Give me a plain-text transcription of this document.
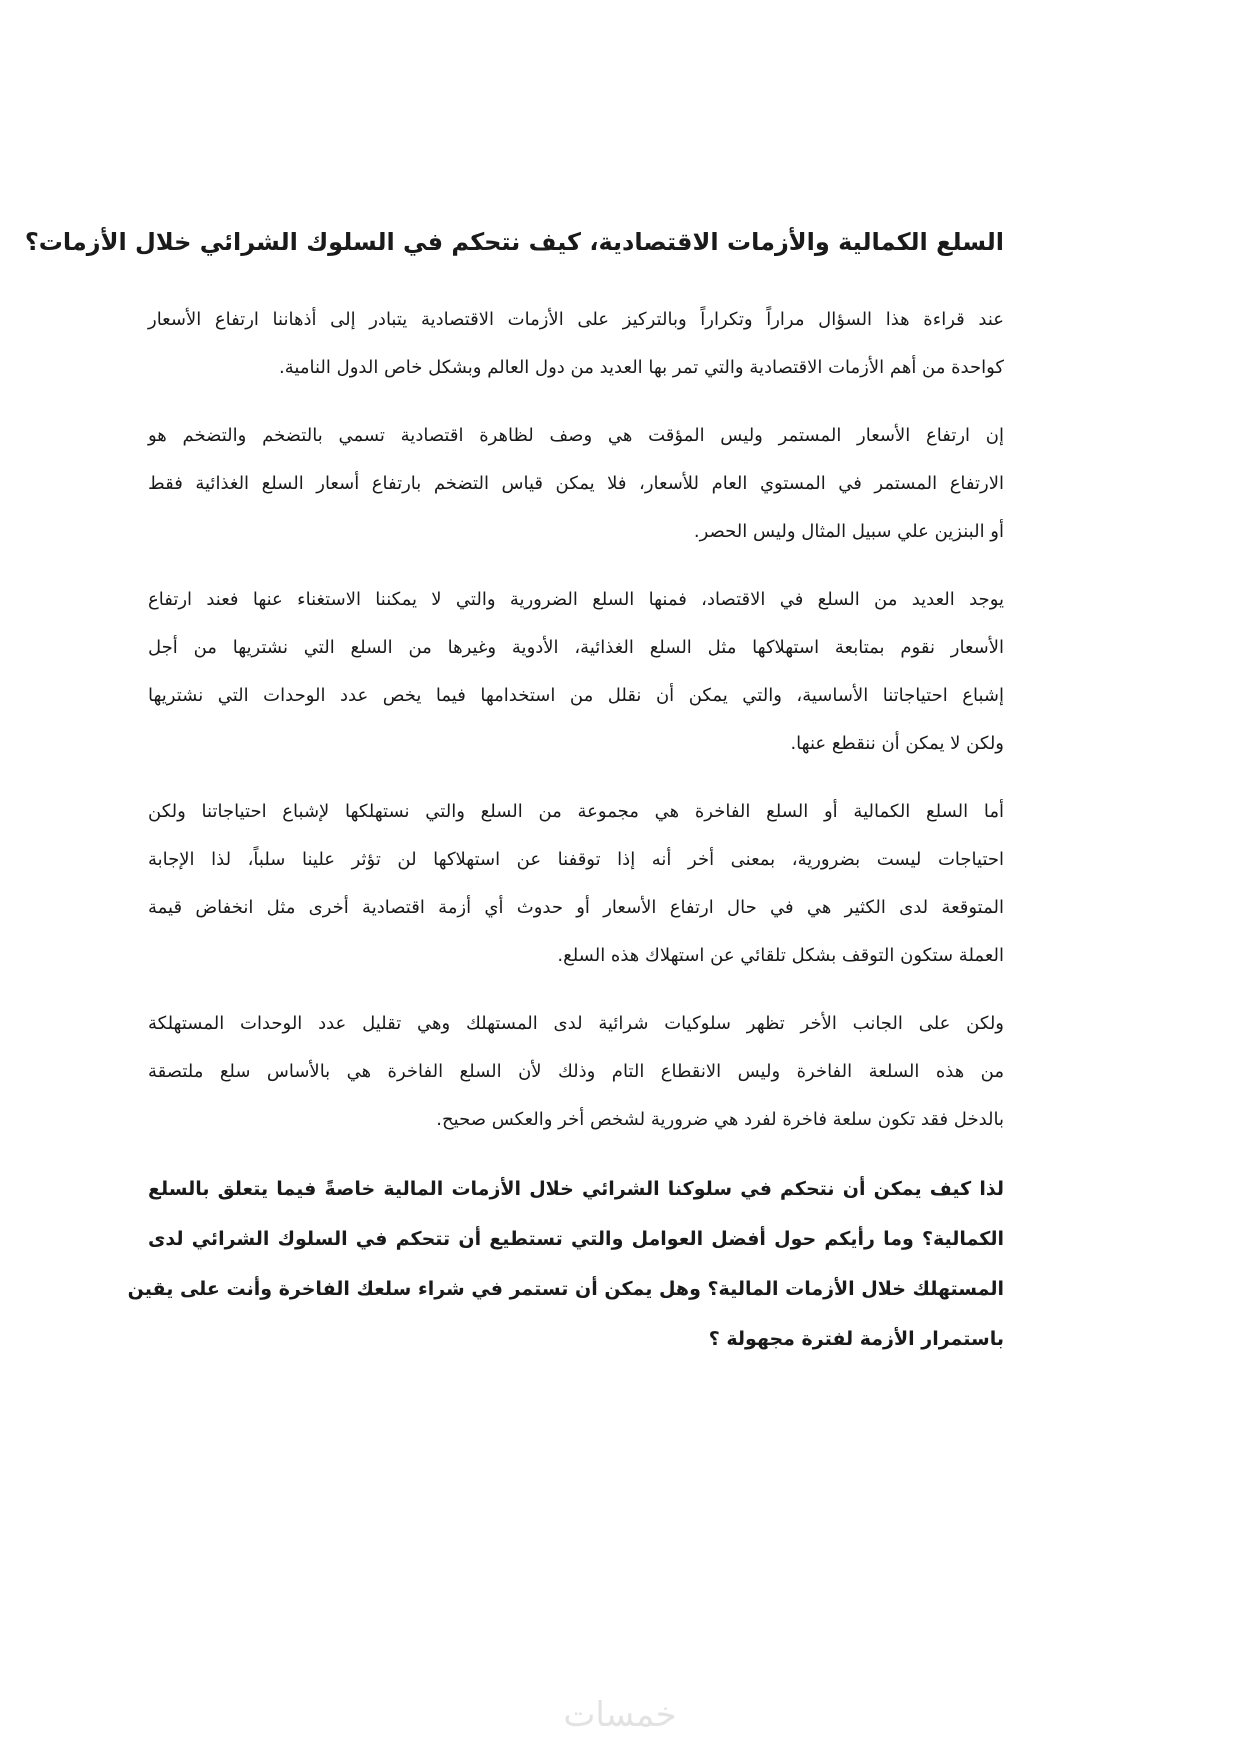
السلع الكمالية والأزمات الاقتصادية، كيف نتحكم في السلوك الشرائي خلال الأزمات؟
عند قراءة هذا السؤال مراراً وتكراراً وبالتركيز على الأزمات الاقتصادية يتبادر إلى أذهاننا ارتفاع الأسعار
كواحدة من أهم الأزمات الاقتصادية والتي تمر بها العديد من دول العالم وبشكل خاص الدول النامية.
إن ارتفاع الأسعار المستمر وليس المؤقت هي وصف لظاهرة اقتصادية تسمي بالتضخم والتضخم هو
الارتفاع المستمر في المستوي العام للأسعار، فلا يمكن قياس التضخم بارتفاع أسعار السلع الغذائية فقط
أو البنزين علي سبيل المثال وليس الحصر.
يوجد العديد من السلع في الاقتصاد، فمنها السلع الضرورية والتي لا يمكننا الاستغناء عنها فعند ارتفاع
الأسعار نقوم بمتابعة استهلاكها مثل السلع الغذائية، الأدوية وغيرها من السلع التي نشتريها من أجل
إشباع احتياجاتنا الأساسية، والتي يمكن أن نقلل من استخدامها فيما يخص عدد الوحدات التي نشتريها
ولكن لا يمكن أن ننقطع عنها.
أما السلع الكمالية أو السلع الفاخرة هي مجموعة من السلع والتي نستهلكها لإشباع احتياجاتنا ولكن
احتياجات ليست بضرورية، بمعنى أخر أنه إذا توقفنا عن استهلاكها لن تؤثر علينا سلباً، لذا الإجابة
المتوقعة لدى الكثير هي في حال ارتفاع الأسعار أو حدوث أي أزمة اقتصادية أخرى مثل انخفاض قيمة
العملة ستكون التوقف بشكل تلقائي عن استهلاك هذه السلع.
ولكن على الجانب الأخر تظهر سلوكيات شرائية لدى المستهلك وهي تقليل عدد الوحدات المستهلكة
من هذه السلعة الفاخرة وليس الانقطاع التام وذلك لأن السلع الفاخرة هي بالأساس سلع ملتصقة
بالدخل فقد تكون سلعة فاخرة لفرد هي ضرورية لشخص أخر والعكس صحيح.
لذا كيف يمكن أن نتحكم في سلوكنا الشرائي خلال الأزمات المالية خاصةً فيما يتعلق بالسلع
الكمالية؟ وما رأيكم حول أفضل العوامل والتي تستطيع أن تتحكم في السلوك الشرائي لدى
المستهلك خلال الأزمات المالية؟ وهل يمكن أن تستمر في شراء سلعك الفاخرة وأنت على يقين
باستمرار الأزمة لفترة مجهولة ؟
خمسات
